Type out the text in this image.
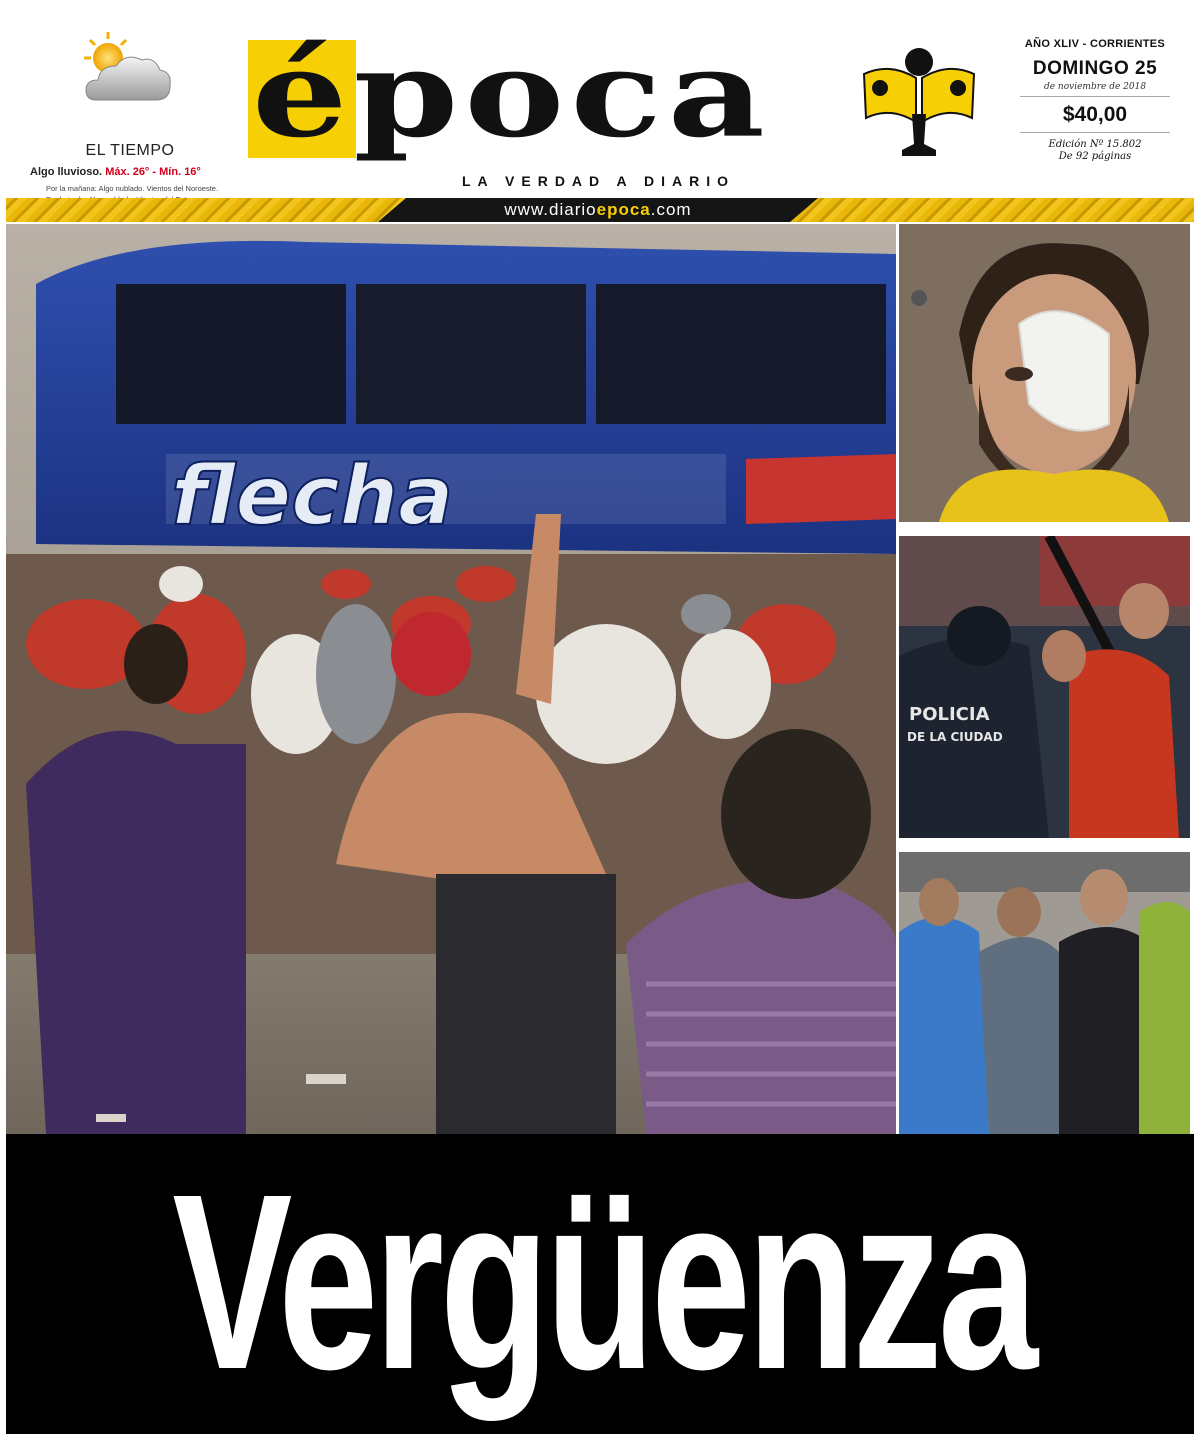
EL TIEMPO
Algo lluvioso. Máx. 26° - Mín. 16°
Por la mañana: Algo nublado. Vientos del Noroeste.
época
LA VERDAD A DIARIO
AÑO XLIV - CORRIENTES
DOMINGO 25
de noviembre de 2018
$40,00
Edición Nº 15.802
De 92 páginas
www.diarioepoca.com
flecha
POLICIA
DE LA CIUDAD
Vergüenza
